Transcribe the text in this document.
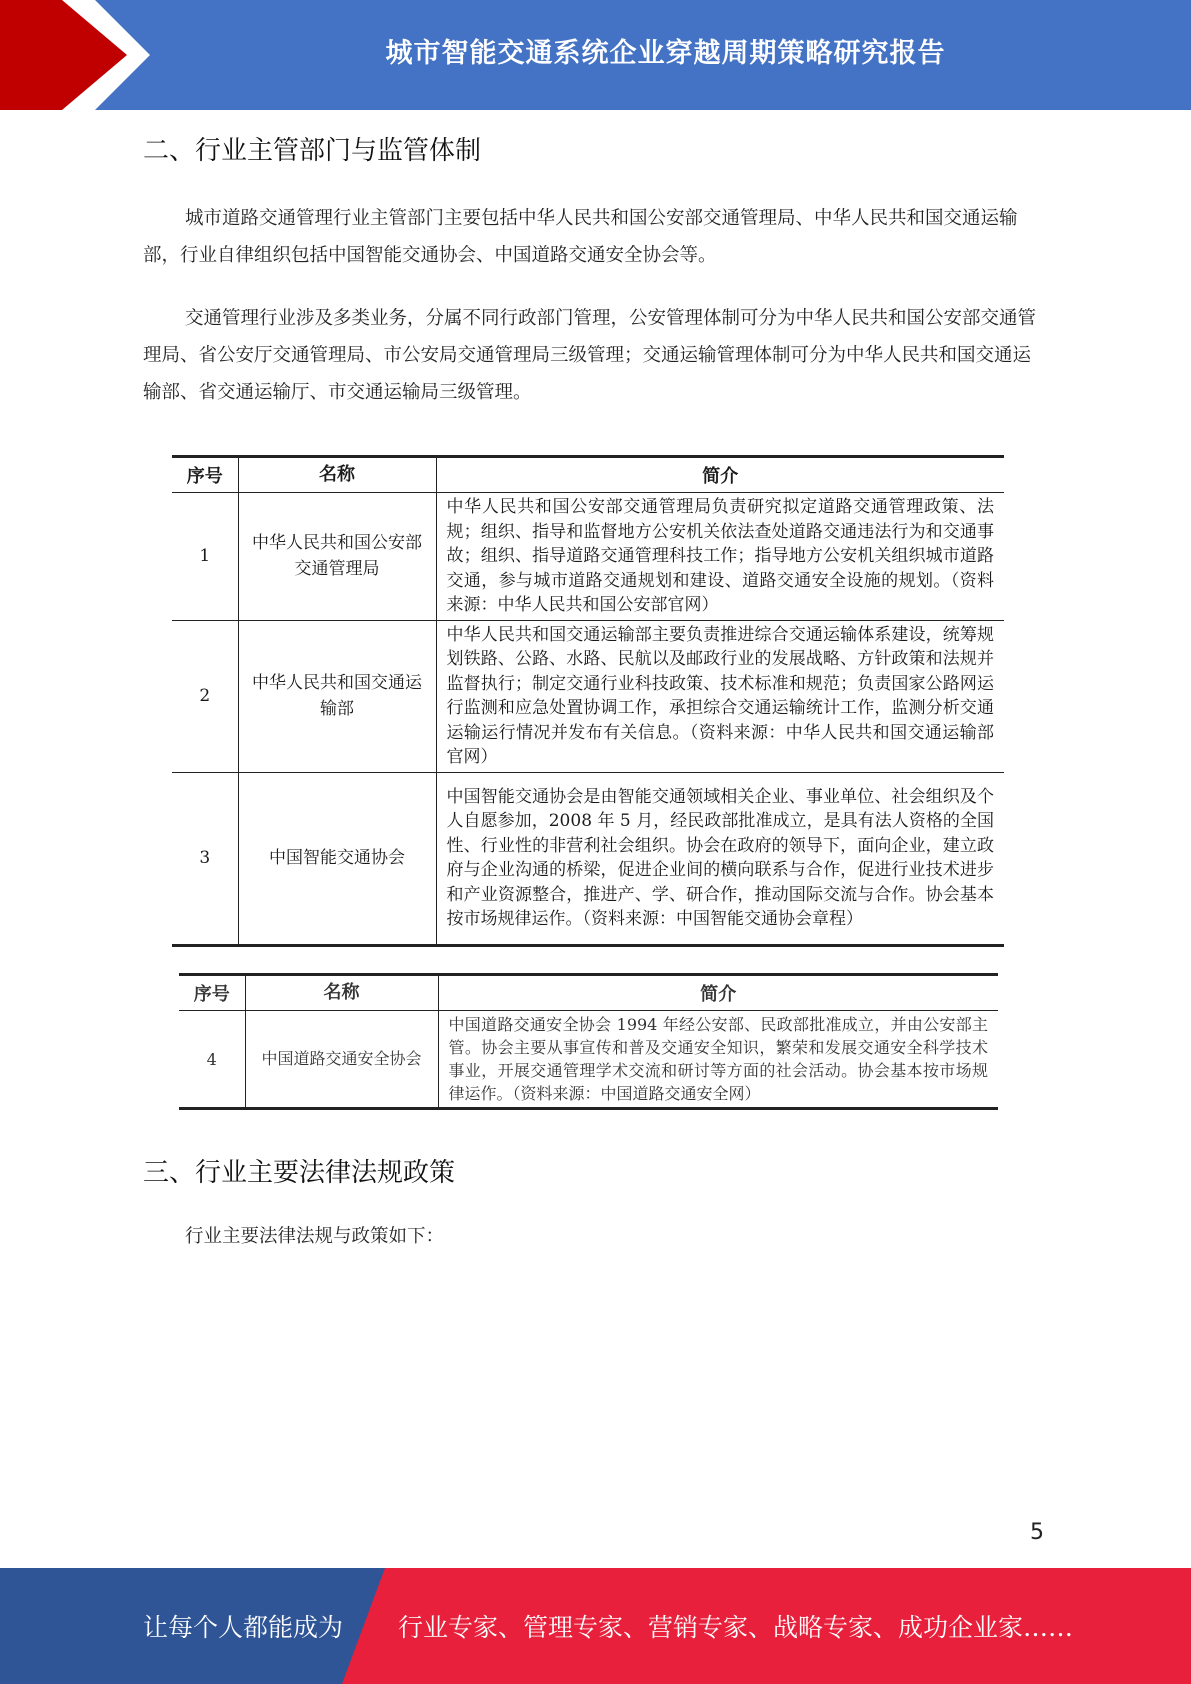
城市智能交通系统企业穿越周期策略研究报告
二、行业主管部门与监管体制

城市道路交通管理行业主管部门主要包括中华人民共和国公安部交通管理局、中华人民共和国交通运输部，行业自律组织包括中国智能交通协会、中国道路交通安全协会等。

交通管理行业涉及多类业务，分属不同行政部门管理，公安管理体制可分为中华人民共和国公安部交通管理局、省公安厅交通管理局、市公安局交通管理局三级管理；交通运输管理体制可分为中华人民共和国交通运输部、省交通运输厅、市交通运输局三级管理。

序号	名称	简介
1	中华人民共和国公安部交通管理局	中华人民共和国公安部交通管理局负责研究拟定道路交通管理政策、法规；组织、指导和监督地方公安机关依法查处道路交通违法行为和交通事故；组织、指导道路交通管理科技工作；指导地方公安机关组织城市道路交通，参与城市道路交通规划和建设、道路交通安全设施的规划。（资料来源：中华人民共和国公安部官网）
2	中华人民共和国交通运输部	中华人民共和国交通运输部主要负责推进综合交通运输体系建设，统筹规划铁路、公路、水路、民航以及邮政行业的发展战略、方针政策和法规并监督执行；制定交通行业科技政策、技术标准和规范；负责国家公路网运行监测和应急处置协调工作，承担综合交通运输统计工作，监测分析交通运输运行情况并发布有关信息。（资料来源：中华人民共和国交通运输部官网）
3	中国智能交通协会	中国智能交通协会是由智能交通领域相关企业、事业单位、社会组织及个人自愿参加，2008 年 5 月，经民政部批准成立，是具有法人资格的全国性、行业性的非营利社会组织。协会在政府的领导下，面向企业，建立政府与企业沟通的桥梁，促进企业间的横向联系与合作，促进行业技术进步和产业资源整合，推进产、学、研合作，推动国际交流与合作。协会基本按市场规律运作。（资料来源：中国智能交通协会章程）
序号	名称	简介
4	中国道路交通安全协会	中国道路交通安全协会 1994 年经公安部、民政部批准成立，并由公安部主管。协会主要从事宣传和普及交通安全知识，繁荣和发展交通安全科学技术事业，开展交通管理学术交流和研讨等方面的社会活动。协会基本按市场规律运作。（资料来源：中国道路交通安全网）
三、行业主要法律法规政策

行业主要法律法规与政策如下：

5
让每个人都能成为 行业专家、管理专家、营销专家、战略专家、成功企业家……
